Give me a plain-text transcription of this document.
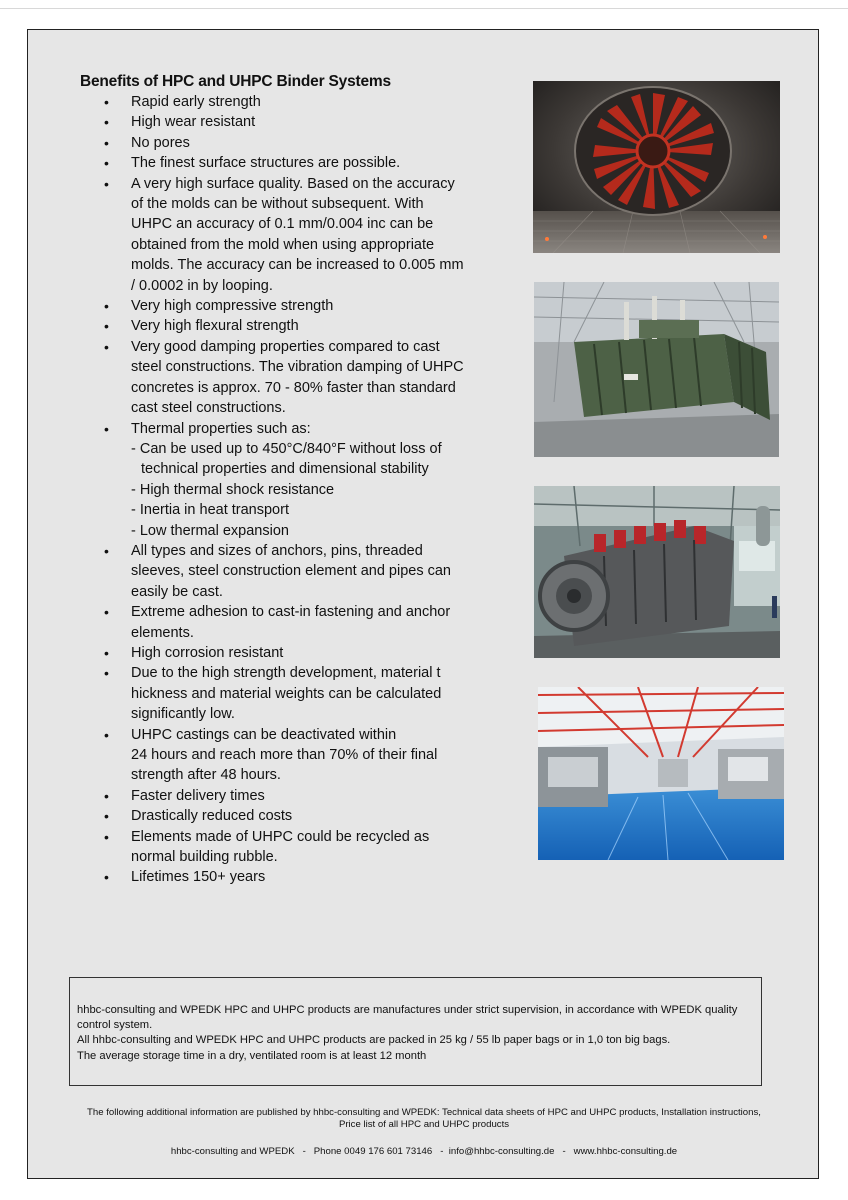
Benefits of HPC and UHPC Binder Systems
• Rapid early strength
• High wear resistant
• No pores
• The finest surface structures are possible.
• A very high surface quality. Based on the accuracy of the molds can be without subsequent. With UHPC an accuracy of 0.1 mm/0.004 inc can be obtained from the mold when using appropriate molds. The accuracy can be increased to 0.005 mm / 0.0002 in by looping.
• Very high compressive strength
• Very high flexural strength
• Very good damping properties compared to cast steel constructions. The vibration damping of UHPC concretes is approx. 70 - 80% faster than standard cast steel constructions.
• Thermal properties such as:
- Can be used up to 450°C/840°F without loss of
technical properties and dimensional stability
- High thermal shock resistance
- Inertia in heat transport
- Low thermal expansion
• All types and sizes of anchors, pins, threaded sleeves, steel construction element and pipes can easily be cast.
• Extreme adhesion to cast-in fastening and anchor elements.
• High corrosion resistant
• Due to the high strength development, material t hickness and material weights can be calculated significantly low.
• UHPC castings can be deactivated within
24 hours and reach more than 70% of their final strength after 48 hours.
• Faster delivery times
• Drastically reduced costs
• Elements made of UHPC could be recycled as normal building rubble.
• Lifetimes 150+ years

hhbc-consulting and WPEDK HPC and UHPC products are manufactures under strict supervision, in accordance with WPEDK quality control system.

All hhbc-consulting and WPEDK HPC and UHPC products are packed in 25 kg / 55 lb paper bags or in 1,0 ton big bags.

The average storage time in a dry, ventilated room is at least 12 month

The following additional information are published by hhbc-consulting and WPEDK: Technical data sheets of HPC and UHPC products, Installation instructions,
Price list of all HPC and UHPC products

hhbc-consulting and WPEDK   -   Phone 0049 176 601 73146   -  info@hhbc-consulting.de   -   www.hhbc-consulting.de
